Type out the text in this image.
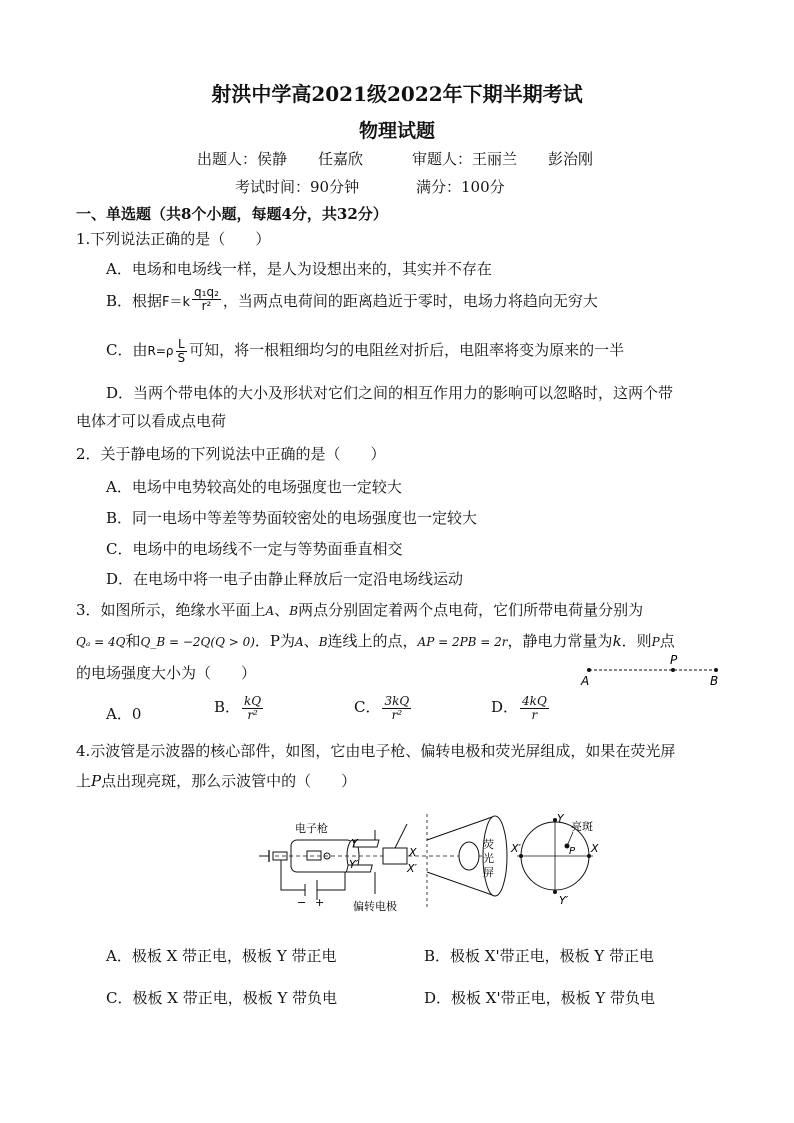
射洪中学高2021级2022年下期半期考试
物理试题
出题人：侯静 任嘉欣	审题人：王丽兰 彭治刚
考试时间：90分钟	满分：100分
一、单选题（共8个小题，每题4分，共32分）
1.下列说法正确的是（　　）
A．电场和电场线一样，是人为设想出来的，其实并不存在
B．根据$F=k \frac{\text{q₁q₂}}{\text{r²}}$ ，当两点电荷间的距离趋近于零时，电场力将趋向无穷大
C．由$R=\rho \frac{L}{S}$ 可知，将一根粗细均匀的电阻丝对折后，电阻率将变为原来的一半
D．当两个带电体的大小及形状对它们之间的相互作用力的影响可以忽略时，这两个带
电体才可以看成点电荷
2．关于静电场的下列说法中正确的是（　　）
A．电场中电势较高处的电场强度也一定较大
B．同一电场中等差等势面较密处的电场强度也一定较大
C．电场中的电场线不一定与等势面垂直相交
D．在电场中将一电子由静止释放后一定沿电场线运动
3．如图所示，绝缘水平面上A、B两点分别固定着两个点电荷，它们所带电荷量分别为
Qₐ = 4Q和Q_B = −2Q(Q > 0)．P为A、B连线上的点，AP = 2PB = 2r，静电力常量为k．则P点
的电场强度大小为（　　）	A
P
B
A．0	B． $\frac{kQ}{\text{r²}}$	C． $\frac{3kQ}{\text{r²}}$	D． $\frac{4kQ}{r}$
4.示波管是示波器的核心部件，如图，它由电子枪、偏转电极和荧光屏组成，如果在荧光屏
上P点出现亮斑，那么示波管中的（　　）
− +
电子枪
Y
Y′
X
X′
偏转电极
荧
光
屏
Y
亮斑
X′	X
Y′
P
A．极板 X 带正电，极板 Y 带正电	B．极板 X'带正电，极板 Y 带正电
C．极板 X 带正电，极板 Y 带负电	D．极板 X'带正电，极板 Y 带负电
